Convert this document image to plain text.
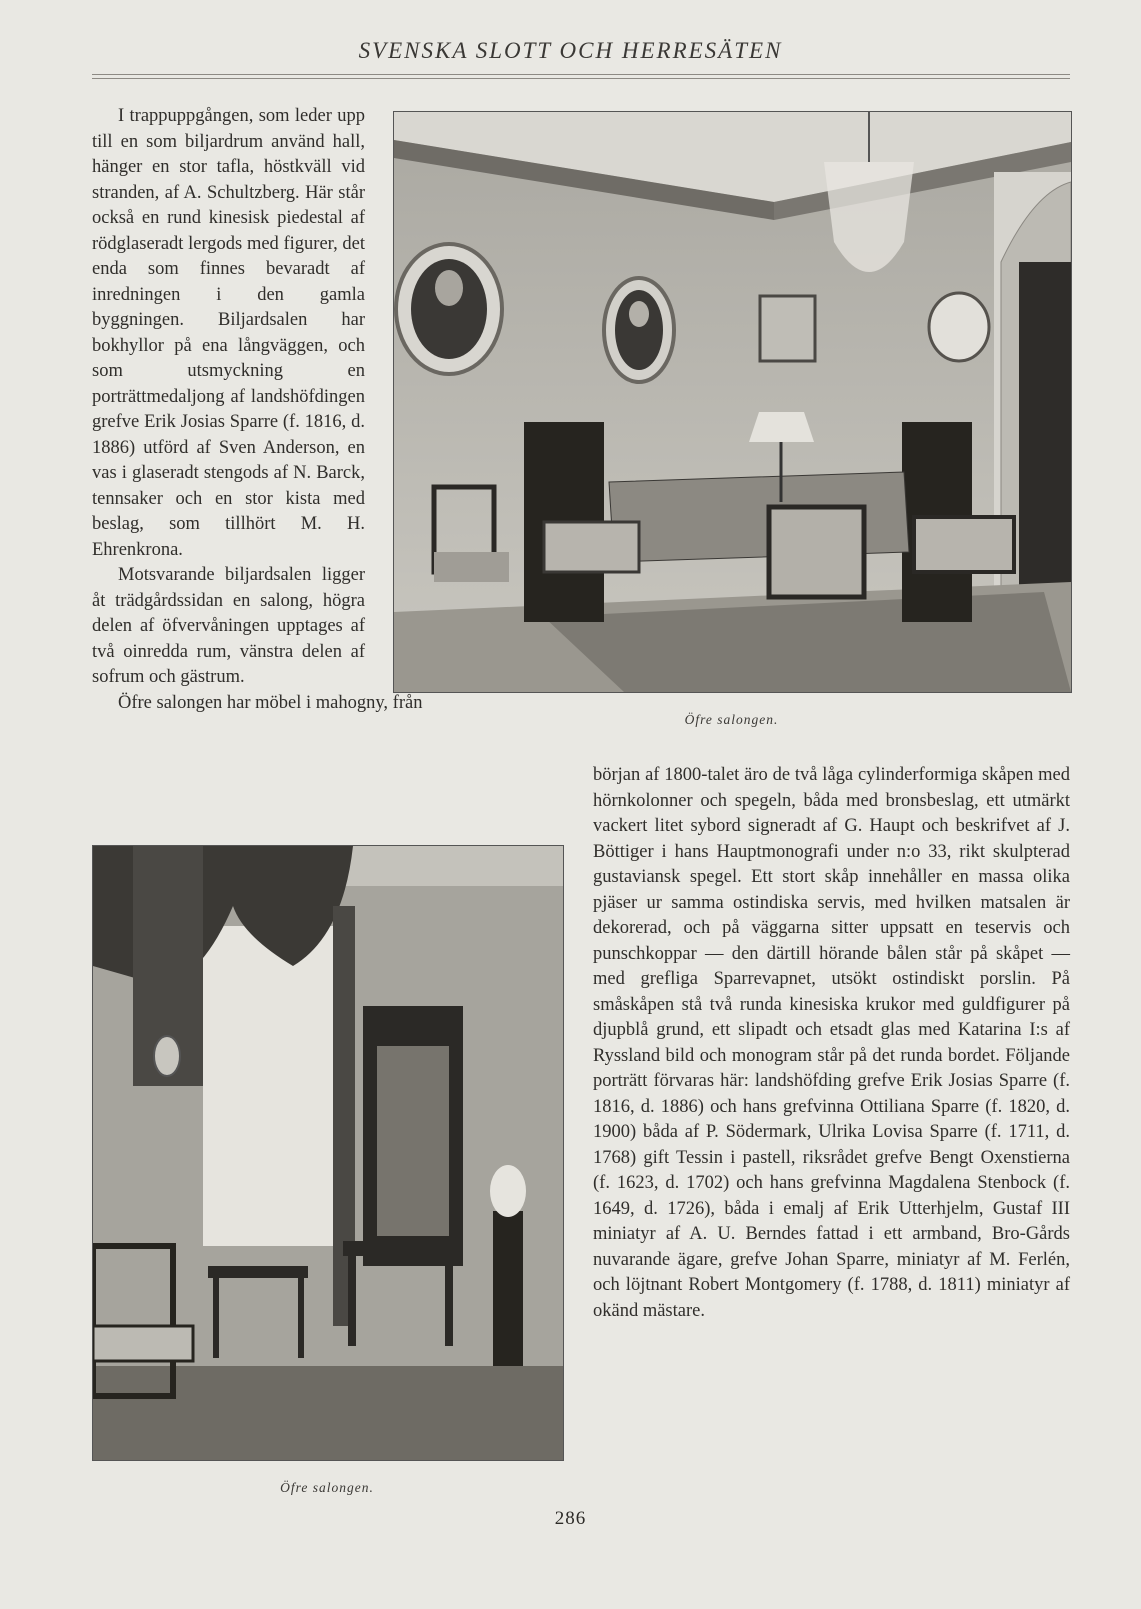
SVENSKA SLOTT OCH HERRESÄTEN

I trappuppgången, som leder upp till en som biljardrum använd hall, hänger en stor tafla, höstkväll vid stranden, af A. Schultzberg. Här står också en rund kinesisk piedestal af rödglaseradt lergods med figurer, det enda som finnes bevaradt af inredningen i den gamla byggningen. Biljardsalen har bokhyllor på ena långväggen, och som utsmyckning en porträttmedaljong af landshöfdingen grefve Erik Josias Sparre (f. 1816, d. 1886) utförd af Sven Anderson, en vas i glaseradt stengods af N. Barck, tennsaker och en stor kista med beslag, som tillhört M. H. Ehrenkrona.

Motsvarande biljardsalen ligger åt trädgårdssidan en salong, högra delen af öfvervåningen upptages af två oinredda rum, vänstra delen af sofrum och gästrum.

Öfre salongen har möbel i mahogny, från

Öfre salongen.
Öfre salongen.

början af 1800-talet äro de två låga cylinderformiga skåpen med hörnkolonner och spegeln, båda med bronsbeslag, ett utmärkt vackert litet sybord signeradt af G. Haupt och beskrifvet af J. Böttiger i hans Hauptmonografi under n:o 33, rikt skulpterad gustaviansk spegel. Ett stort skåp innehåller en massa olika pjäser ur samma ostindiska servis, med hvilken matsalen är dekorerad, och på väggarna sitter uppsatt en teservis och punschkoppar — den därtill hörande bålen står på skåpet — med grefliga Sparrevapnet, utsökt ostindiskt porslin. På småskåpen stå två runda kinesiska krukor med guldfigurer på djupblå grund, ett slipadt och etsadt glas med Katarina I:s af Ryssland bild och monogram står på det runda bordet. Följande porträtt förvaras här: landshöfding grefve Erik Josias Sparre (f. 1816, d. 1886) och hans grefvinna Ottiliana Sparre (f. 1820, d. 1900) båda af P. Södermark, Ulrika Lovisa Sparre (f. 1711, d. 1768) gift Tessin i pastell, riksrådet grefve Bengt Oxenstierna (f. 1623, d. 1702) och hans grefvinna Magdalena Stenbock (f. 1649, d. 1726), båda i emalj af Erik Utterhjelm, Gustaf III miniatyr af A. U. Berndes fattad i ett armband, Bro-Gårds nuvarande ägare, grefve Johan Sparre, miniatyr af M. Ferlén, och löjtnant Robert Montgomery (f. 1788, d. 1811) miniatyr af okänd mästare.

286
